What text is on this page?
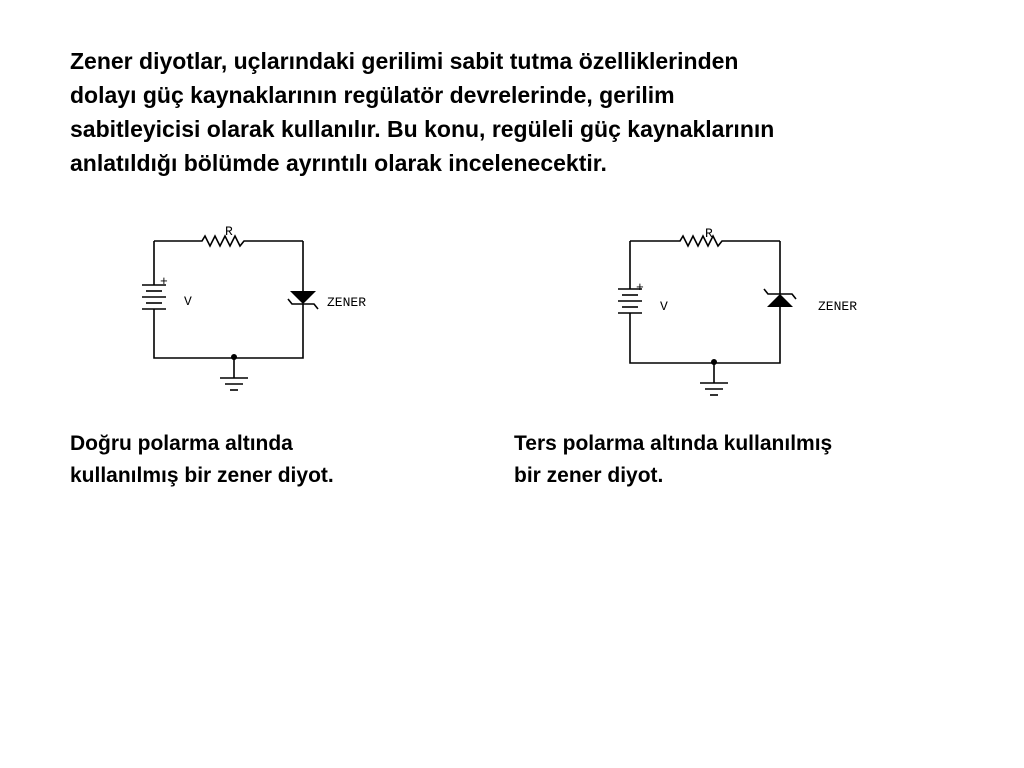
Zener diyotlar, uçlarındaki gerilimi sabit tutma özelliklerinden
dolayı güç kaynaklarının regülatör devrelerinde, gerilim
sabitleyicisi olarak kullanılır. Bu konu, regüleli güç kaynaklarının
anlatıldığı bölümde ayrıntılı olarak incelenecektir.
R
+
V	ZENER
R
+
V	ZENER
Doğru polarma altında
kullanılmış bir zener diyot.
Ters polarma altında kullanılmış
bir zener diyot.
